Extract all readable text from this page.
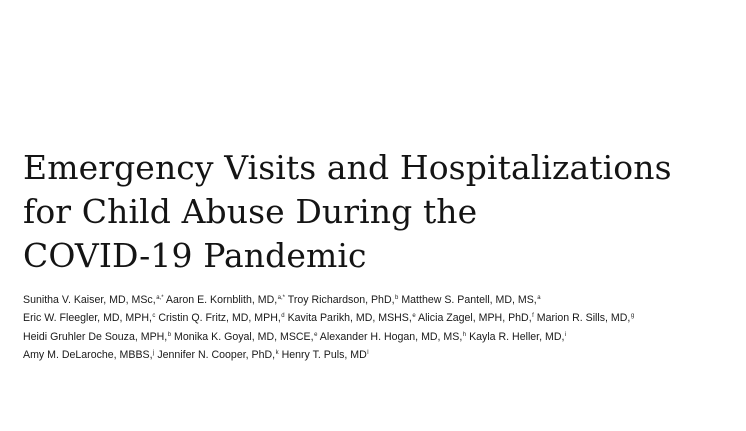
Emergency Visits and Hospitalizations
for Child Abuse During the
COVID-19 Pandemic
Sunitha V. Kaiser, MD, MSc,$^{a,*}$ Aaron E. Kornblith, MD,$^{a,*}$ Troy Richardson, PhD,$^b$ Matthew S. Pantell, MD, MS,$^a$
Eric W. Fleegler, MD, MPH,$^c$ Cristin Q. Fritz, MD, MPH,$^d$ Kavita Parikh, MD, MSHS,$^e$ Alicia Zagel, MPH, PhD,$^f$ Marion R. Sills, MD,$^g$
Heidi Gruhler De Souza, MPH,$^b$ Monika K. Goyal, MD, MSCE,$^e$ Alexander H. Hogan, MD, MS,$^h$ Kayla R. Heller, MD,$^i$
Amy M. DeLaroche, MBBS,$^j$ Jennifer N. Cooper, PhD,$^k$ Henry T. Puls, $MD^l$
